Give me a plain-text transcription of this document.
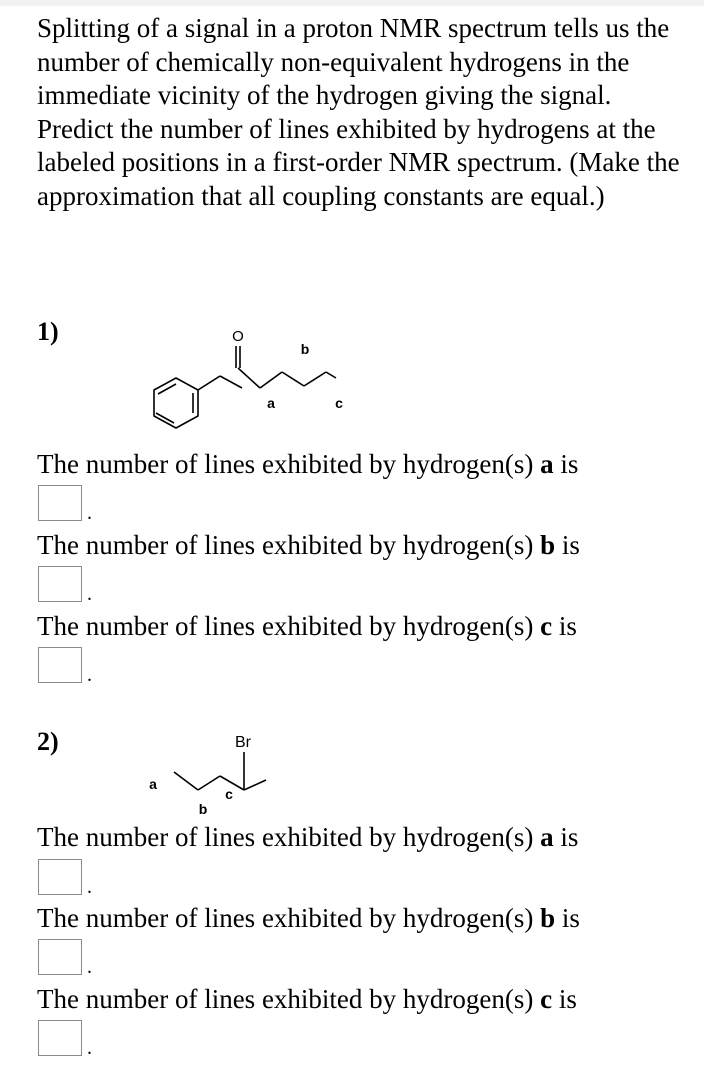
Splitting of a signal in a proton NMR spectrum tells us the number of chemically non-equivalent hydrogens in the immediate vicinity of the hydrogen giving the signal. Predict the number of lines exhibited by hydrogens at the labeled positions in a first-order NMR spectrum. (Make the approximation that all coupling constants are equal.)
1)	O
a
b
c
The number of lines exhibited by hydrogen(s) a is
.
The number of lines exhibited by hydrogen(s) b is
.
The number of lines exhibited by hydrogen(s) c is
.
2)	Br
a
b
c
The number of lines exhibited by hydrogen(s) a is
.
The number of lines exhibited by hydrogen(s) b is
.
The number of lines exhibited by hydrogen(s) c is
.
